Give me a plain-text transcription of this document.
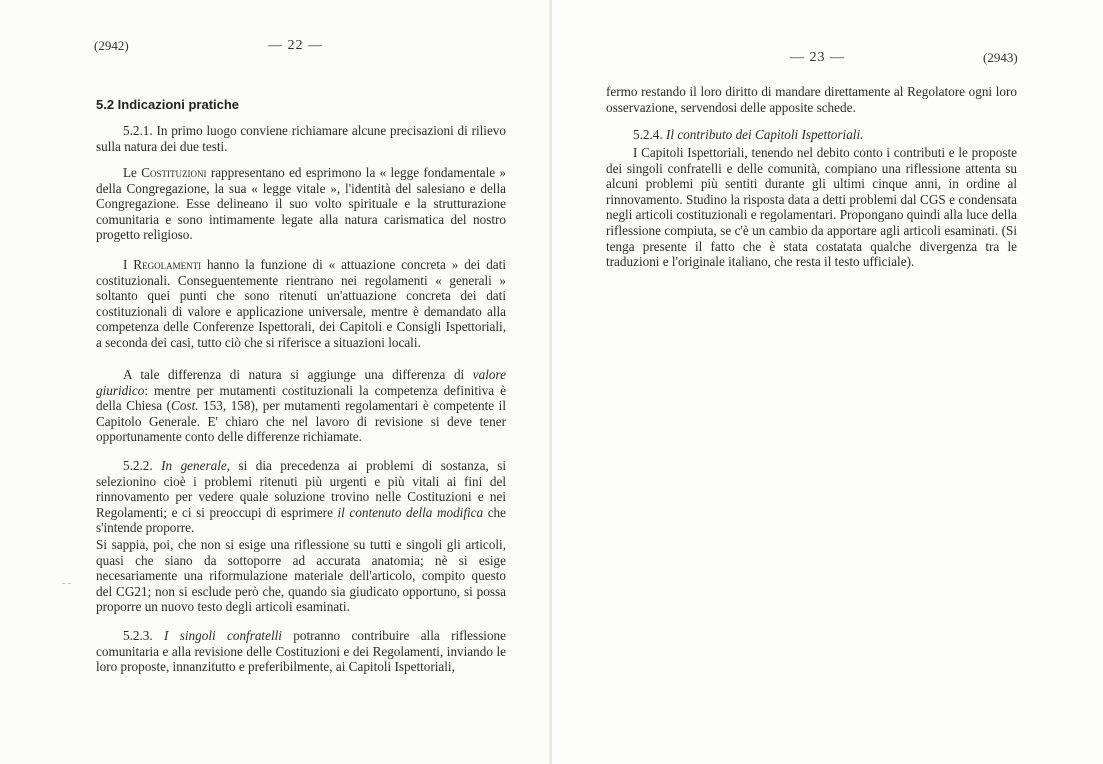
(2942)	— 22 —
5.2 Indicazioni pratiche

5.2.1. In primo luogo conviene richiamare alcune precisazioni di rilievo sulla natura dei due testi.

Le Costituzioni rappresentano ed esprimono la « legge fondamentale » della Congregazione, la sua « legge vitale », l'identità del salesiano e della Congregazione. Esse delineano il suo volto spirituale e la strutturazione comunitaria e sono intimamente legate alla natura carismatica del nostro progetto religioso.

I Regolamenti hanno la funzione di « attuazione concreta » dei dati costituzionali. Conseguentemente rientrano nei regolamenti « generali » soltanto quei punti che sono ritenuti un'attuazione concreta dei dati costituzionali di valore e applicazione universale, mentre è demandato alla competenza delle Conferenze Ispettorali, dei Capitoli e Consigli Ispettoriali, a seconda dei casi, tutto ciò che si riferisce a situazioni locali.

A tale differenza di natura si aggiunge una differenza di valore giuridico: mentre per mutamenti costituzionali la competenza definitiva è della Chiesa (Cost. 153, 158), per mutamenti regolamentari è competente il Capitolo Generale. E' chiaro che nel lavoro di revisione si deve tener opportunamente conto delle differenze richiamate.

5.2.2. In generale, si dia precedenza ai problemi di sostanza, si selezionino cioè i problemi ritenuti più urgenti e più vitali ai fini del rinnovamento per vedere quale soluzione trovino nelle Costituzioni e nei Regolamenti; e ci si preoccupi di esprimere il contenuto della modifica che s'intende proporre.

Si sappia, poi, che non si esige una riflessione su tutti e singoli gli articoli, quasi che siano da sottoporre ad accurata anatomia; nè si esige necesariamente una riformulazione materiale dell'articolo, compito questo del CG21; non si esclude però che, quando sia giudicato opportuno, si possa proporre un nuovo testo degli articoli esaminati.

5.2.3. I singoli confratelli potranno contribuire alla riflessione comunitaria e alla revisione delle Costituzioni e dei Regolamenti, inviando le loro proposte, innanzitutto e preferibilmente, ai Capitoli Ispettoriali,

- -
— 23 —	(2943)

fermo restando il loro diritto di mandare direttamente al Regolatore ogni loro osservazione, servendosi delle apposite schede.

5.2.4. Il contributo dei Capitoli Ispettoriali.

I Capitoli Ispettoriali, tenendo nel debito conto i contributi e le proposte dei singoli confratelli e delle comunità, compiano una riflessione attenta su alcuni problemi più sentiti durante gli ultimi cinque anni, in ordine al rinnovamento. Studino la risposta data a detti problemi dal CGS e condensata negli articoli costituzionali e regolamentari. Propongano quindi alla luce della riflessione compiuta, se c'è un cambio da apportare agli articoli esaminati. (Si tenga presente il fatto che è stata costatata qualche divergenza tra le traduzioni e l'originale italiano, che resta il testo ufficiale).
